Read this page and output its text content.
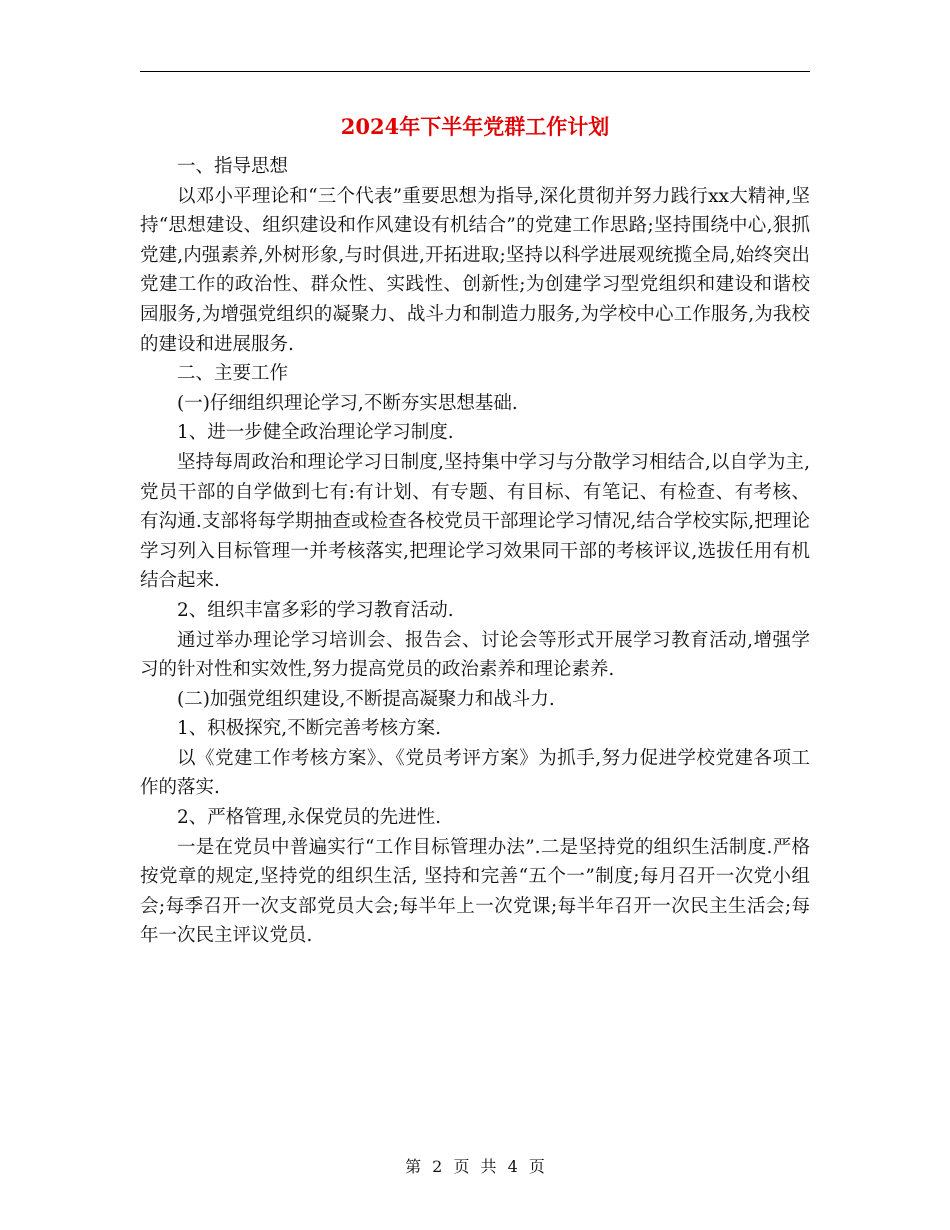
2024年下半年党群工作计划

一、指导思想

以邓小平理论和“三个代表”重要思想为指导,深化贯彻并努力践行xx大精神,坚持“思想建设、组织建设和作风建设有机结合”的党建工作思路;坚持围绕中心,狠抓党建,内强素养,外树形象,与时俱进,开拓进取;坚持以科学进展观统揽全局,始终突出党建工作的政治性、群众性、实践性、创新性;为创建学习型党组织和建设和谐校园服务,为增强党组织的凝聚力、战斗力和制造力服务,为学校中心工作服务,为我校的建设和进展服务.

二、主要工作

(一)仔细组织理论学习,不断夯实思想基础.

1、进一步健全政治理论学习制度.

坚持每周政治和理论学习日制度,坚持集中学习与分散学习相结合,以自学为主,党员干部的自学做到七有:有计划、有专题、有目标、有笔记、有检查、有考核、有沟通.支部将每学期抽查或检查各校党员干部理论学习情况,结合学校实际,把理论学习列入目标管理一并考核落实,把理论学习效果同干部的考核评议,选拔任用有机结合起来.

2、组织丰富多彩的学习教育活动.

通过举办理论学习培训会、报告会、讨论会等形式开展学习教育活动,增强学习的针对性和实效性,努力提高党员的政治素养和理论素养.

(二)加强党组织建设,不断提高凝聚力和战斗力.

1、积极探究,不断完善考核方案.

以《党建工作考核方案》、《党员考评方案》为抓手,努力促进学校党建各项工作的落实.

2、严格管理,永保党员的先进性.

一是在党员中普遍实行“工作目标管理办法”.二是坚持党的组织生活制度.严格按党章的规定,坚持党的组织生活, 坚持和完善“五个一”制度;每月召开一次党小组会;每季召开一次支部党员大会;每半年上一次党课;每半年召开一次民主生活会;每年一次民主评议党员.

第 2 页 共 4 页
